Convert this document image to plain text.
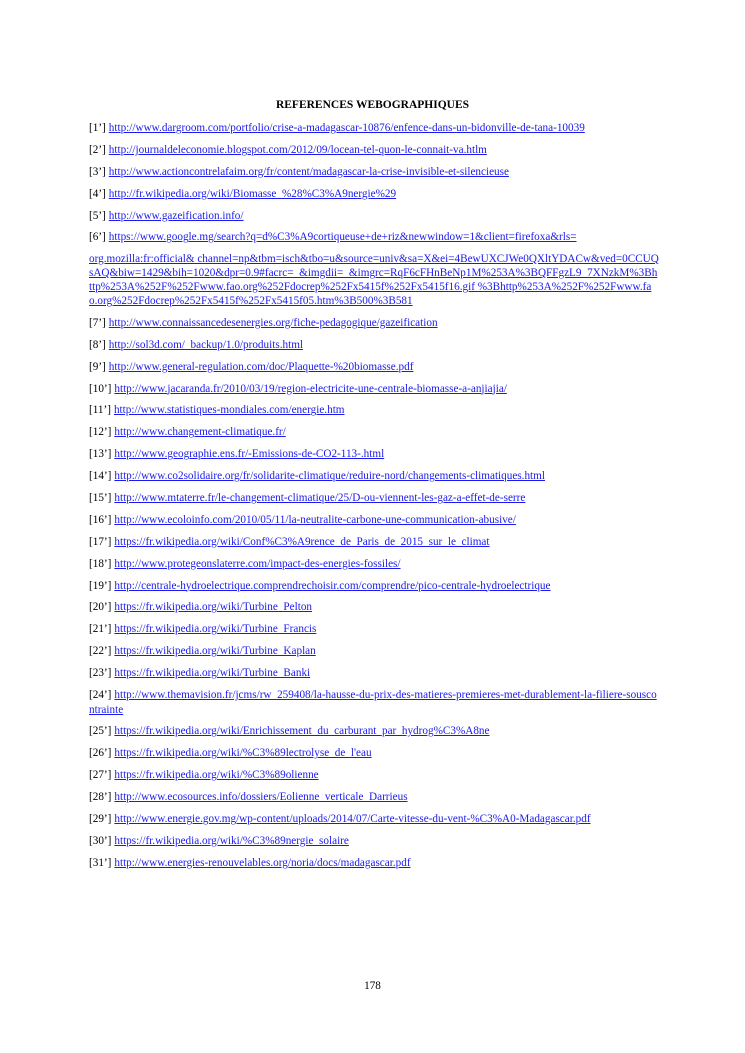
REFERENCES WEBOGRAPHIQUES
[1’] http://www.dargroom.com/portfolio/crise-a-madagascar-10876/enfence-dans-un-bidonville-de-tana-10039
[2’] http://journaldeleconomie.blogspot.com/2012/09/locean-tel-quon-le-connait-va.htlm
[3’] http://www.actioncontrelafaim.org/fr/content/madagascar-la-crise-invisible-et-silencieuse
[4’] http://fr.wikipedia.org/wiki/Biomasse_%28%C3%A9nergie%29
[5’] http://www.gazeification.info/
[6’] https://www.google.mg/search?q=d%C3%A9cortiqueuse+de+riz&newwindow=1&client=firefoxa&rls=
org.mozilla:fr:official& channel=np&tbm=isch&tbo=u&source=univ&sa=X&ei=4BewUXCJWe0QXltYDACw&ved=0CCUQsAQ&biw=1429&bih=1020&dpr=0.9#facrc=_&imgdii=_&imgrc=RqF6cFHnBeNp1M%253A%3BQFFgzL9_7XNzkM%3Bhttp%253A%252F%252Fwww.fao.org%252Fdocrep%252Fx5415f%252Fx5415f16.gif %3Bhttp%253A%252F%252Fwww.fao.org%252Fdocrep%252Fx5415f%252Fx5415f05.htm%3B500%3B581
[7’] http://www.connaissancedesenergies.org/fiche-pedagogique/gazeification
[8’] http://sol3d.com/_backup/1.0/produits.html
[9’] http://www.general-regulation.com/doc/Plaquette-%20biomasse.pdf
[10’] http://www.jacaranda.fr/2010/03/19/region-electricite-une-centrale-biomasse-a-anjiajia/
[11’] http://www.statistiques-mondiales.com/energie.htm
[12’] http://www.changement-climatique.fr/
[13’] http://www.geographie.ens.fr/-Emissions-de-CO2-113-.html
[14’] http://www.co2solidaire.org/fr/solidarite-climatique/reduire-nord/changements-climatiques.html
[15’] http://www.mtaterre.fr/le-changement-climatique/25/D-ou-viennent-les-gaz-a-effet-de-serre
[16’] http://www.ecoloinfo.com/2010/05/11/la-neutralite-carbone-une-communication-abusive/
[17’] https://fr.wikipedia.org/wiki/Conf%C3%A9rence_de_Paris_de_2015_sur_le_climat
[18’] http://www.protegeonslaterre.com/impact-des-energies-fossiles/
[19’] http://centrale-hydroelectrique.comprendrechoisir.com/comprendre/pico-centrale-hydroelectrique
[20’] https://fr.wikipedia.org/wiki/Turbine_Pelton
[21’] https://fr.wikipedia.org/wiki/Turbine_Francis
[22’] https://fr.wikipedia.org/wiki/Turbine_Kaplan
[23’] https://fr.wikipedia.org/wiki/Turbine_Banki
[24’] http://www.themavision.fr/jcms/rw_259408/la-hausse-du-prix-des-matieres-premieres-met-durablement-la-filiere-souscontrainte
[25’] https://fr.wikipedia.org/wiki/Enrichissement_du_carburant_par_hydrog%C3%A8ne
[26’] https://fr.wikipedia.org/wiki/%C3%89lectrolyse_de_l'eau
[27’] https://fr.wikipedia.org/wiki/%C3%89olienne
[28’] http://www.ecosources.info/dossiers/Eolienne_verticale_Darrieus
[29’] http://www.energie.gov.mg/wp-content/uploads/2014/07/Carte-vitesse-du-vent-%C3%A0-Madagascar.pdf
[30’] https://fr.wikipedia.org/wiki/%C3%89nergie_solaire
[31’] http://www.energies-renouvelables.org/noria/docs/madagascar.pdf
178
